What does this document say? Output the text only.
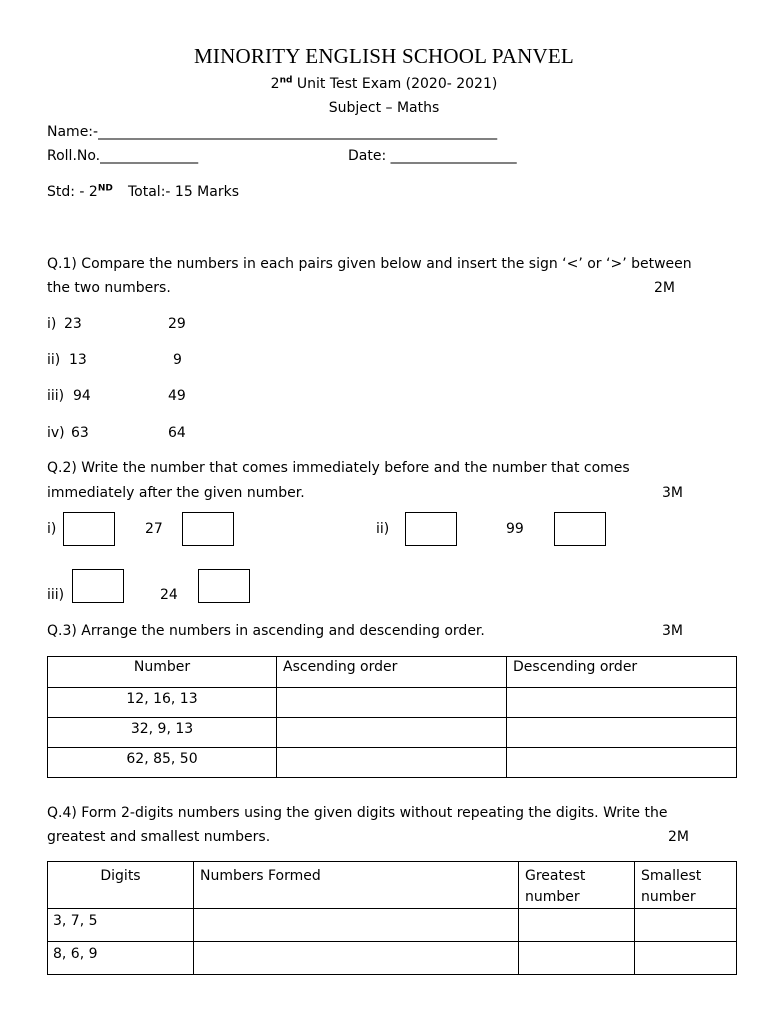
MINORITY ENGLISH SCHOOL PANVEL
2nd Unit Test Exam (2020- 2021)
Subject – Maths
Name:-_________________________________________________________
Roll.No.______________	Date: __________________
Std: - 2ND Total:- 15 Marks
Q.1) Compare the numbers in each pairs given below and insert the sign ‘<’ or ‘>’ between
the two numbers.	2M
i) 23	29
ii) 13	9
iii) 94	49
iv) 63	64
Q.2) Write the number that comes immediately before and the number that comes
immediately after the given number.	3M
i)	27	ii)	99
iii)	24
Q.3) Arrange the numbers in ascending and descending order.	3M
Number	Ascending order	Descending order
12, 16, 13		
32, 9, 13		
62, 85, 50		
Q.4) Form 2-digits numbers using the given digits without repeating the digits. Write the
greatest and smallest numbers.	2M
Digits	Numbers Formed	Greatest number	Smallest number
3, 7, 5			
8, 6, 9			
